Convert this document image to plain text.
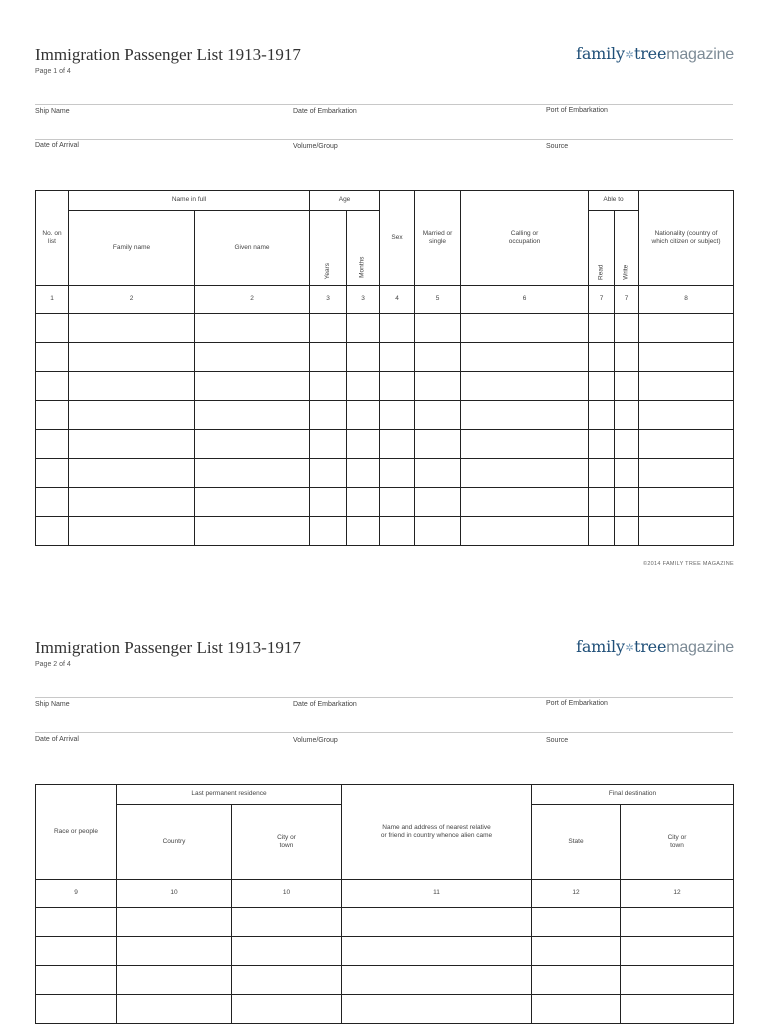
Immigration Passenger List 1913-1917
Page 1 of 4
family✲treemagazine
Ship Name	Date of Embarkation	Port of Embarkation
Date of Arrival	Volume/Group	Source
No. on list	Name in full		Age		Sex	Married or single	Calling or occupation	Able to		Nationality (country of which citizen or subject)
	Family name	Given name	Years	Months				Read	Write	
1	2	2	3	3	4	5	6	7	7	8

©2014 FAMILY TREE MAGAZINE
Immigration Passenger List 1913-1917
Page 2 of 4
family✲treemagazine
Ship Name	Date of Embarkation	Port of Embarkation
Date of Arrival	Volume/Group	Source
Race or people	Last permanent residence		Name and address of nearest relative or friend in country whence alien came	Final destination	
	Country	City or town		State	City or town
9	10	10	11	12	12
